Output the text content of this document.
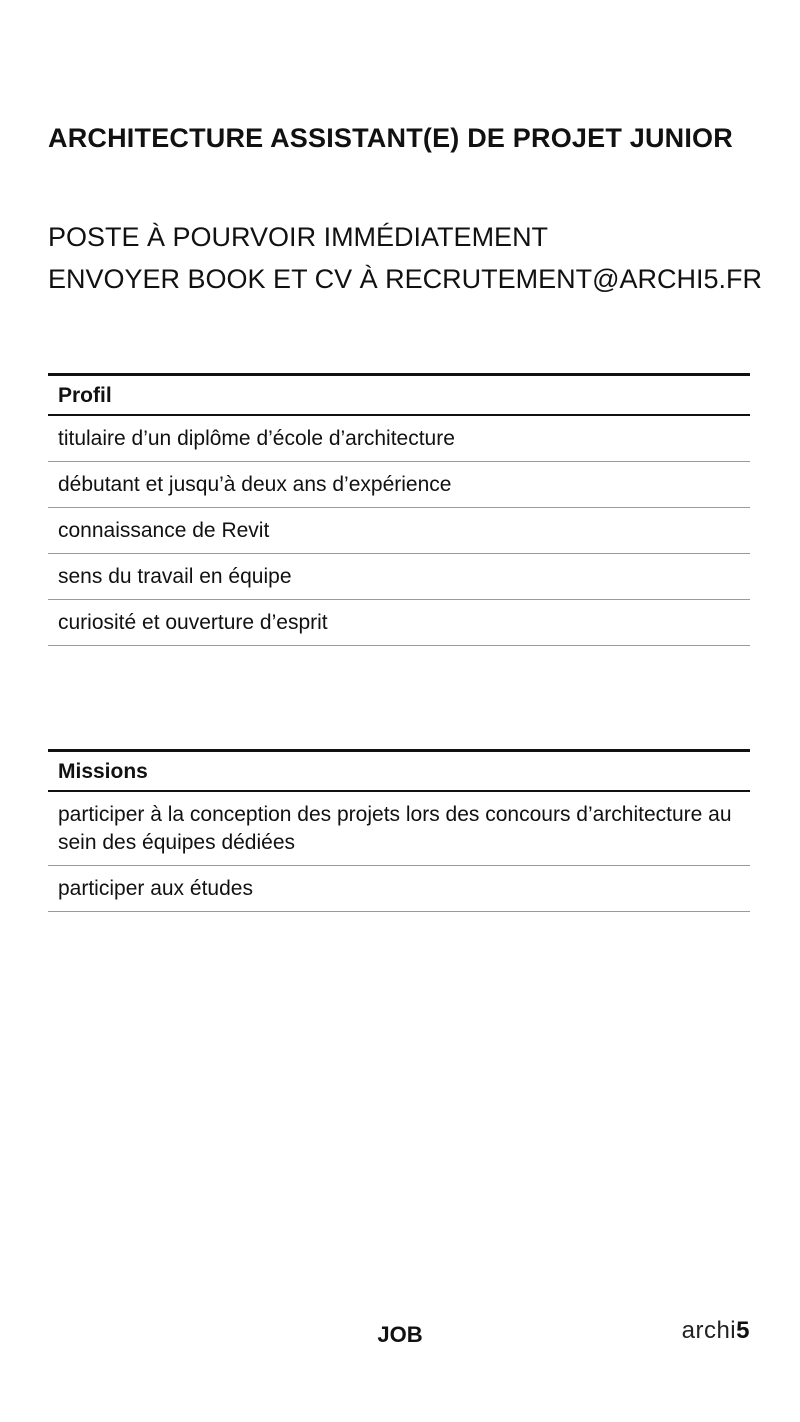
ARCHITECTURE ASSISTANT(E) DE PROJET JUNIOR
POSTE À POURVOIR IMMÉDIATEMENT
ENVOYER BOOK ET CV À RECRUTEMENT@ARCHI5.FR
Profil
titulaire d’un diplôme d’école d’architecture
débutant et jusqu’à deux ans d’expérience
connaissance de Revit
sens du travail en équipe
curiosité et ouverture d’esprit
Missions
participer à la conception des projets lors des concours d’architecture au sein des équipes dédiées
participer aux études
JOB	archi5
